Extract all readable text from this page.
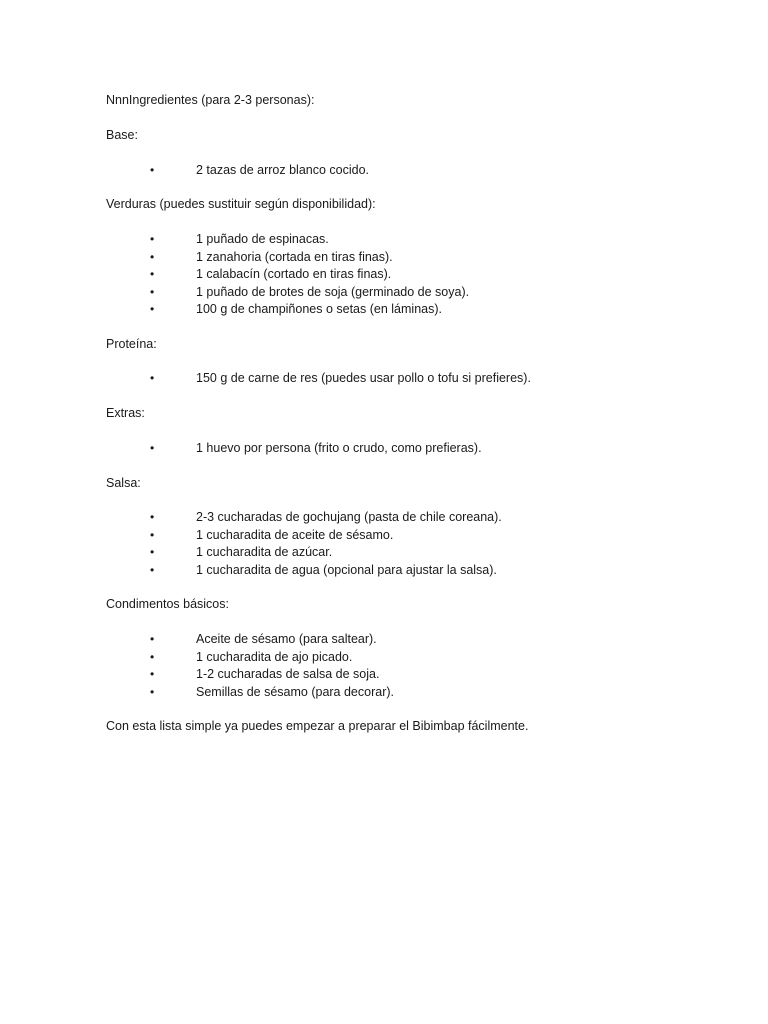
NnnIngredientes (para 2-3 personas):
Base:
•	2 tazas de arroz blanco cocido.
Verduras (puedes sustituir según disponibilidad):
•	1 puñado de espinacas.
•	1 zanahoria (cortada en tiras finas).
•	1 calabacín (cortado en tiras finas).
•	1 puñado de brotes de soja (germinado de soya).
•	100 g de champiñones o setas (en láminas).
Proteína:
•	150 g de carne de res (puedes usar pollo o tofu si prefieres).
Extras:
•	1 huevo por persona (frito o crudo, como prefieras).
Salsa:
•	2-3 cucharadas de gochujang (pasta de chile coreana).
•	1 cucharadita de aceite de sésamo.
•	1 cucharadita de azúcar.
•	1 cucharadita de agua (opcional para ajustar la salsa).
Condimentos básicos:
•	Aceite de sésamo (para saltear).
•	1 cucharadita de ajo picado.
•	1-2 cucharadas de salsa de soja.
•	Semillas de sésamo (para decorar).
Con esta lista simple ya puedes empezar a preparar el Bibimbap fácilmente.
